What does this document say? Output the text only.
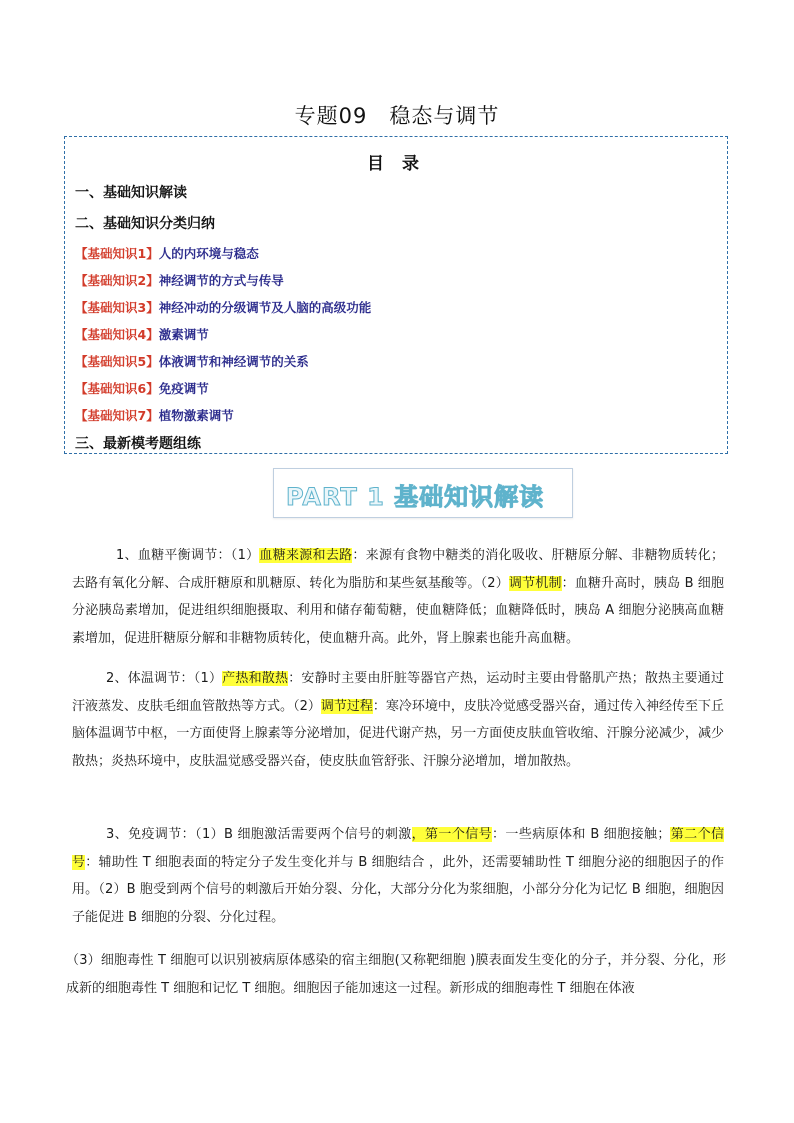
专题09　稳态与调节
目 录
一、基础知识解读
二、基础知识分类归纳
【基础知识1】人的内环境与稳态
【基础知识2】神经调节的方式与传导
【基础知识3】神经冲动的分级调节及人脑的高级功能
【基础知识4】激素调节
【基础知识5】体液调节和神经调节的关系
【基础知识6】免疫调节
【基础知识7】植物激素调节
三、最新模考题组练
PART 1 基础知识解读
1、血糖平衡调节：（1）血糖来源和去路：来源有食物中糖类的消化吸收、肝糖原分解、非糖物质转化；去路有氧化分解、合成肝糖原和肌糖原、转化为脂肪和某些氨基酸等。（2）调节机制：血糖升高时，胰岛 B 细胞分泌胰岛素增加，促进组织细胞摄取、利用和储存葡萄糖，使血糖降低；血糖降低时，胰岛 A 细胞分泌胰高血糖素增加，促进肝糖原分解和非糖物质转化，使血糖升高。此外，肾上腺素也能升高血糖。
2、体温调节：（1）产热和散热：安静时主要由肝脏等器官产热，运动时主要由骨骼肌产热；散热主要通过汗液蒸发、皮肤毛细血管散热等方式。（2）调节过程：寒冷环境中，皮肤冷觉感受器兴奋，通过传入神经传至下丘脑体温调节中枢，一方面使肾上腺素等分泌增加，促进代谢产热，另一方面使皮肤血管收缩、汗腺分泌减少，减少散热；炎热环境中，皮肤温觉感受器兴奋，使皮肤血管舒张、汗腺分泌增加，增加散热。
3、免疫调节：（1）B 细胞激活需要两个信号的刺激，第一个信号：一些病原体和 B 细胞接触；第二个信号：辅助性 T 细胞表面的特定分子发生变化并与 B 细胞结合 ，此外，还需要辅助性 T 细胞分泌的细胞因子的作用。（2）B 胞受到两个信号的刺激后开始分裂、分化，大部分分化为浆细胞，小部分分化为记忆 B 细胞，细胞因子能促进 B 细胞的分裂、分化过程。
（3）细胞毒性 T 细胞可以识别被病原体感染的宿主细胞(又称靶细胞 )膜表面发生变化的分子，并分裂、分化，形成新的细胞毒性 T 细胞和记忆 T 细胞。细胞因子能加速这一过程。新形成的细胞毒性 T 细胞在体液
